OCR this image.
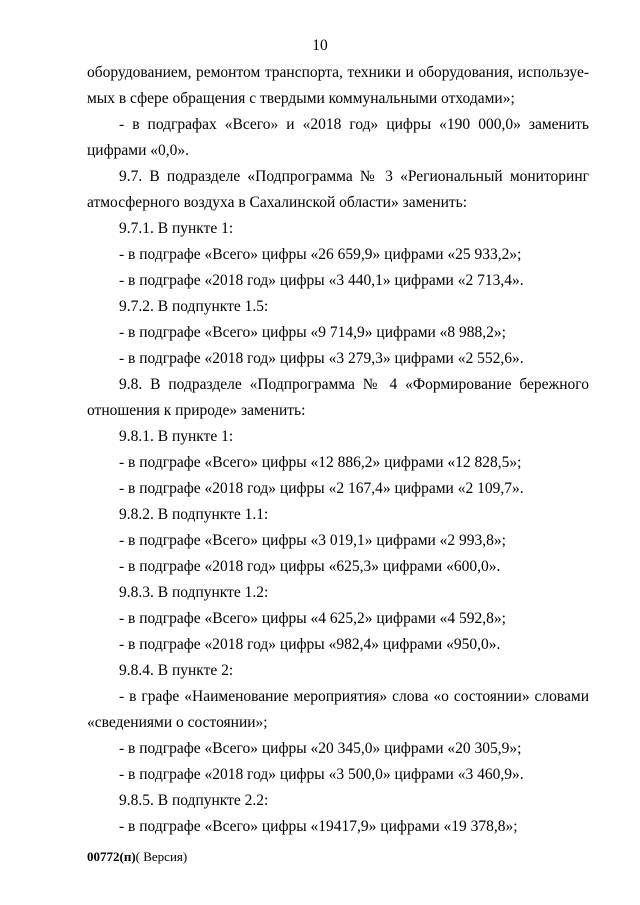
10
оборудованием, ремонтом транспорта, техники и оборудования, используе-
мых в сфере обращения с твердыми коммунальными отходами»;
- в подграфах «Всего» и «2018 год» цифры «190 000,0» заменить
цифрами «0,0».
9.7. В подразделе «Подпрограмма № 3 «Региональный мониторинг
атмосферного воздуха в Сахалинской области» заменить:
9.7.1. В пункте 1:
- в подграфе «Всего» цифры «26 659,9» цифрами «25 933,2»;
- в подграфе «2018 год» цифры «3 440,1» цифрами «2 713,4».
9.7.2. В подпункте 1.5:
- в подграфе «Всего» цифры «9 714,9» цифрами «8 988,2»;
- в подграфе «2018 год» цифры «3 279,3» цифрами «2 552,6».
9.8. В подразделе «Подпрограмма № 4 «Формирование бережного
отношения к природе» заменить:
9.8.1. В пункте 1:
- в подграфе «Всего» цифры «12 886,2» цифрами «12 828,5»;
- в подграфе «2018 год» цифры «2 167,4» цифрами «2 109,7».
9.8.2. В подпункте 1.1:
- в подграфе «Всего» цифры «3 019,1» цифрами «2 993,8»;
- в подграфе «2018 год» цифры «625,3» цифрами «600,0».
9.8.3. В подпункте 1.2:
- в подграфе «Всего» цифры «4 625,2» цифрами «4 592,8»;
- в подграфе «2018 год» цифры «982,4» цифрами «950,0».
9.8.4. В пункте 2:
- в графе «Наименование мероприятия» слова «о состоянии» словами
«сведениями о состоянии»;
- в подграфе «Всего» цифры «20 345,0» цифрами «20 305,9»;
- в подграфе «2018 год» цифры «3 500,0» цифрами «3 460,9».
9.8.5. В подпункте 2.2:
- в подграфе «Всего» цифры «19417,9» цифрами «19 378,8»;
00772(п)( Версия)
